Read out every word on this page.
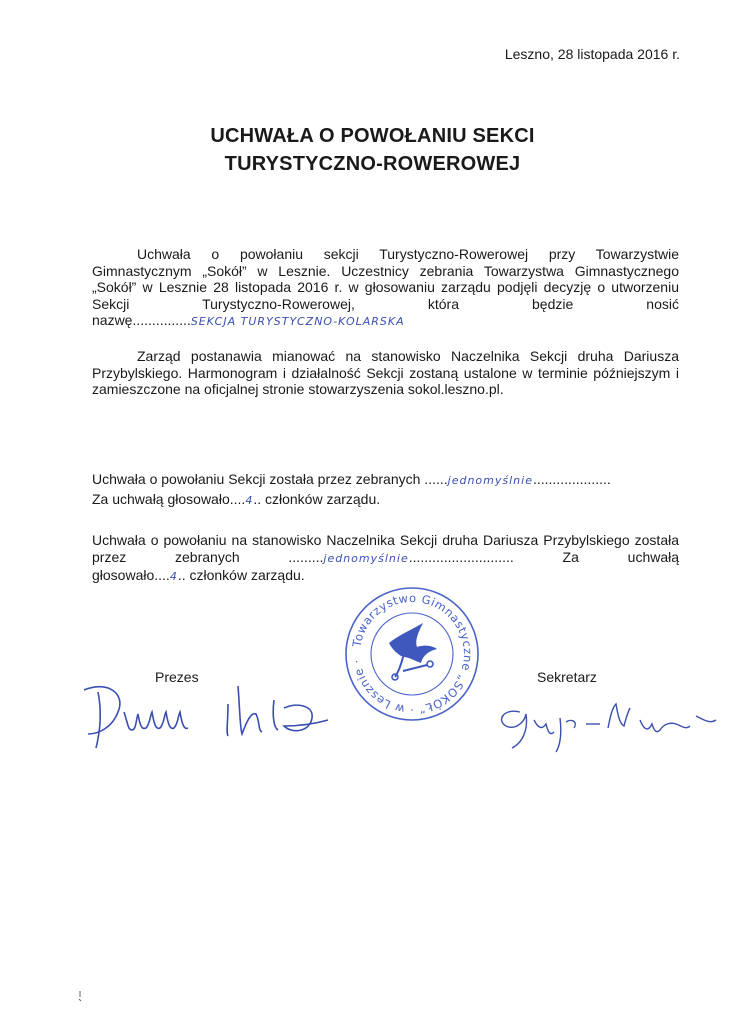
Leszno, 28 listopada 2016 r.
UCHWAŁA O POWOŁANIU SEKCI
TURYSTYCZNO-ROWEROWEJ

Uchwała o powołaniu sekcji Turystyczno-Rowerowej przy Towarzystwie Gimnastycznym „Sokół” w Lesznie. Uczestnicy zebrania Towarzystwa Gimnastycznego „Sokół” w Lesznie 28 listopada 2016 r. w głosowaniu zarządu podjęli decyzję o utworzeniu Sekcji Turystyczno-Rowerowej, która będzie nosić

nazwę...............SEKCJA TURYSTYCZNO-KOLARSKA

Zarząd postanawia mianować na stanowisko Naczelnika Sekcji druha Dariusza Przybylskiego. Harmonogram i działalność Sekcji zostaną ustalone w terminie późniejszym i zamieszczone na oficjalnej stronie stowarzyszenia sokol.leszno.pl.

Uchwała o powołaniu Sekcji została przez zebranych ......jednomyślnie....................

Za uchwałą głosowało....4.. członków zarządu.

Uchwała o powołaniu na stanowisko Naczelnika Sekcji druha Dariusza Przybylskiego została przez zebranych	.........jednomyślnie...........................	Za uchwałą

głosowało....4.. członków zarządu.

Towarzystwo Gimnastyczne „SOKÓŁ” · w Lesznie ·
Prezes	Sekretarz
